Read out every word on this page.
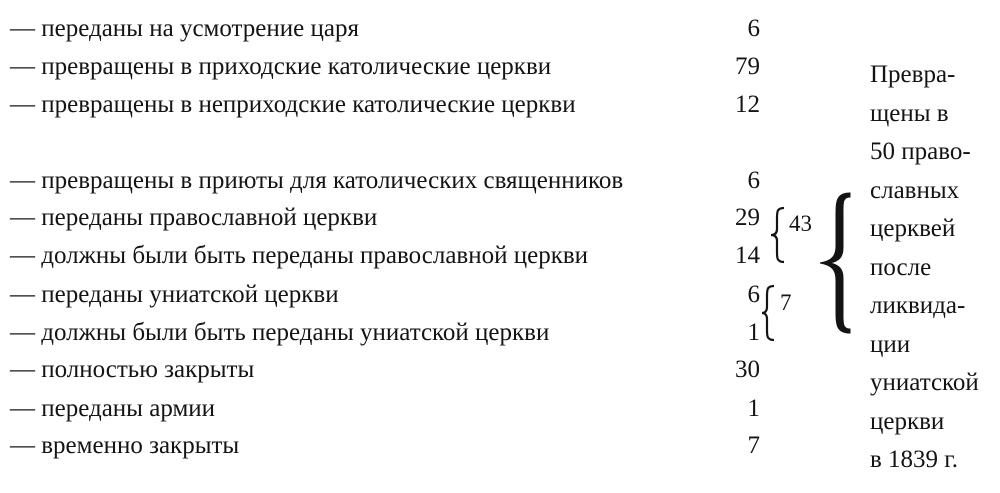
— переданы на усмотрение царя	6
— превращены в приходские католические церкви	79
— превращены в неприходские католические церкви	12
— превращены в приюты для католических священников	6
— переданы православной церкви	29
— должны были быть переданы православной церкви	14
— переданы униатской церкви	6
— должны были быть переданы униатской церкви	1
— полностью закрыты	30
— переданы армии	1
— временно закрыты	7
43
7
Превра-
щены в
50 право-
славных
церквей
после
ликвида-
ции
униатской
церкви
в 1839 г.
